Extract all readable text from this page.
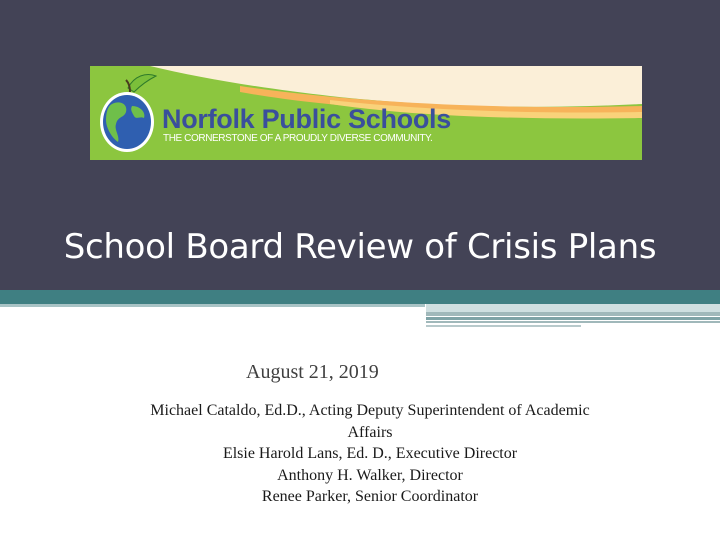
Norfolk Public Schools
THE CORNERSTONE OF A PROUDLY DIVERSE COMMUNITY.
School Board Review of Crisis Plans
August 21, 2019
Michael Cataldo, Ed.D., Acting Deputy Superintendent of Academic
Affairs
Elsie Harold Lans, Ed. D., Executive Director
Anthony H. Walker, Director
Renee Parker, Senior Coordinator
